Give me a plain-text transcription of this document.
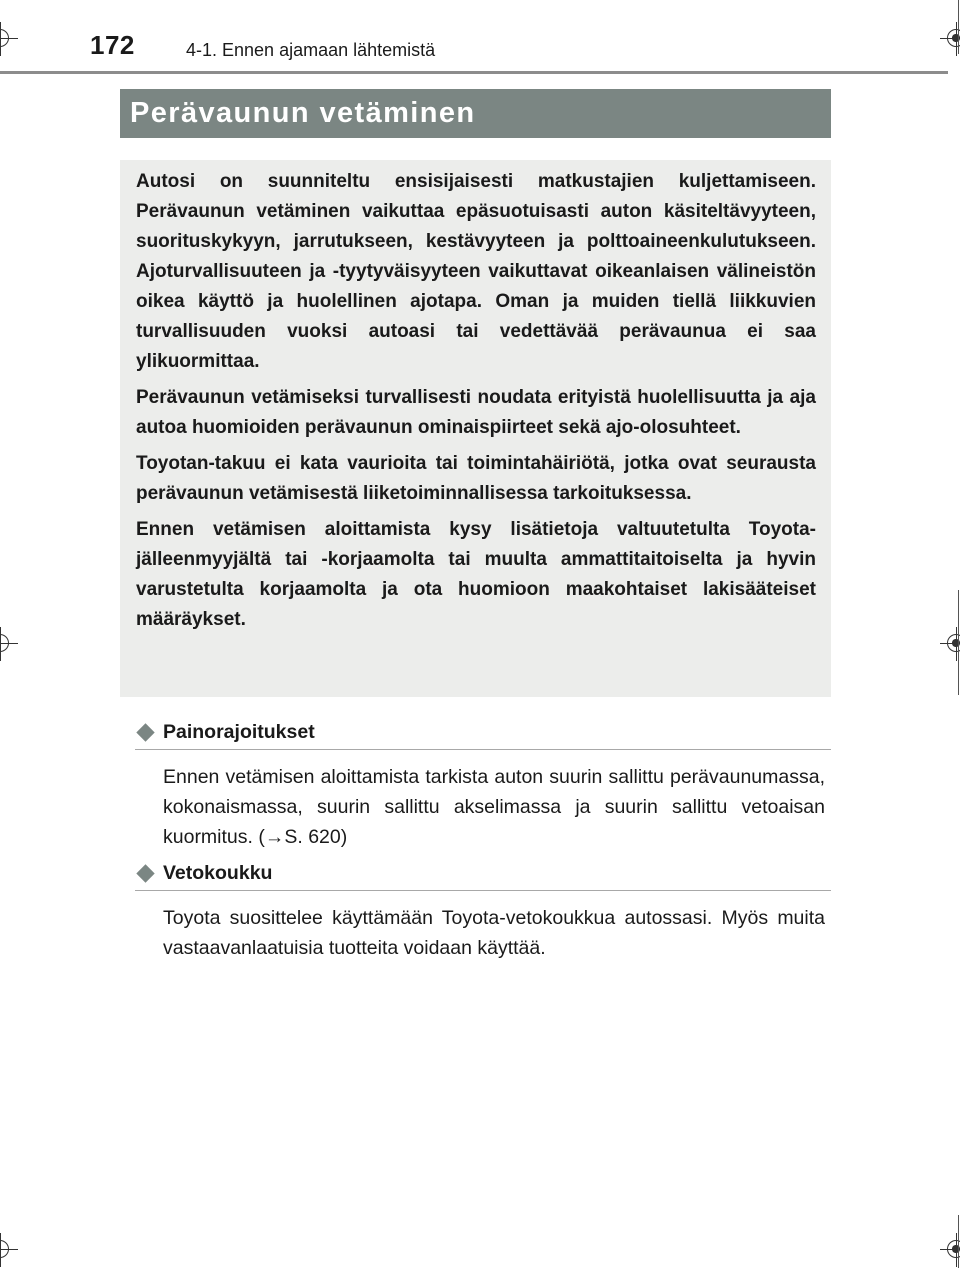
172	4-1. Ennen ajamaan lähtemistä
Perävaunun vetäminen

Autosi on suunniteltu ensisijaisesti matkustajien kuljettamiseen. Perävaunun vetäminen vaikuttaa epäsuotuisasti auton käsiteltävyyteen, suorituskykyyn, jarrutukseen, kestävyyteen ja polttoaineenkulutukseen. Ajoturvallisuuteen ja -tyytyväisyyteen vaikuttavat oikeanlaisen välineistön oikea käyttö ja huolellinen ajotapa. Oman ja muiden tiellä liikkuvien turvallisuuden vuoksi autoasi tai vedettävää perävaunua ei saa ylikuormittaa.

Perävaunun vetämiseksi turvallisesti noudata erityistä huolellisuutta ja aja autoa huomioiden perävaunun ominaispiirteet sekä ajo-olosuhteet.

Toyotan-takuu ei kata vaurioita tai toimintahäiriötä, jotka ovat seurausta perävaunun vetämisestä liiketoiminnallisessa tarkoituksessa.

Ennen vetämisen aloittamista kysy lisätietoja valtuutetulta Toyota-jälleenmyyjältä tai -korjaamolta tai muulta ammattitaitoiselta ja hyvin varustetulta korjaamolta ja ota huomioon maakohtaiset lakisääteiset määräykset.

Painorajoitukset
Ennen vetämisen aloittamista tarkista auton suurin sallittu perävaunumassa, kokonaismassa, suurin sallittu akselimassa ja suurin sallittu vetoaisan kuormitus. (→S. 620)
Vetokoukku
Toyota suosittelee käyttämään Toyota-vetokoukkua autossasi. Myös muita vastaavanlaatuisia tuotteita voidaan käyttää.
